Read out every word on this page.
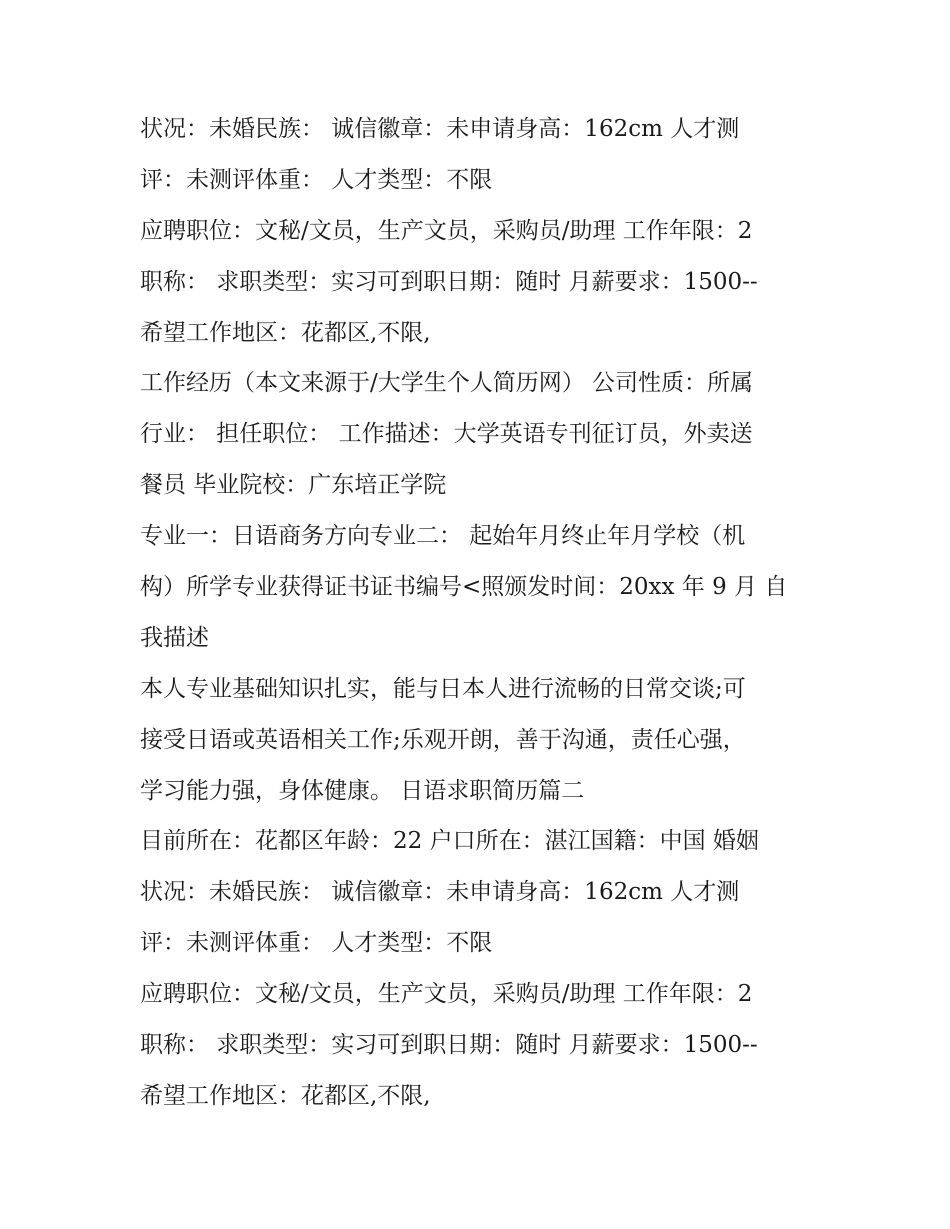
状况：未婚民族： 诚信徽章：未申请身高：162cm 人才测
评：未测评体重： 人才类型：不限
应聘职位：文秘/文员，生产文员，采购员/助理 工作年限：2
职称： 求职类型：实习可到职日期：随时 月薪要求：1500--
希望工作地区：花都区,不限,
工作经历（本文来源于/大学生个人简历网） 公司性质：所属
行业： 担任职位： 工作描述：大学英语专刊征订员，外卖送
餐员 毕业院校：广东培正学院
专业一：日语商务方向专业二： 起始年月终止年月学校（机
构）所学专业获得证书证书编号<照颁发时间：20xx 年 9 月 自
我描述
本人专业基础知识扎实，能与日本人进行流畅的日常交谈;可
接受日语或英语相关工作;乐观开朗，善于沟通，责任心强，
学习能力强，身体健康。 日语求职简历篇二
目前所在：花都区年龄：22 户口所在：湛江国籍：中国 婚姻
状况：未婚民族： 诚信徽章：未申请身高：162cm 人才测
评：未测评体重： 人才类型：不限
应聘职位：文秘/文员，生产文员，采购员/助理 工作年限：2
职称： 求职类型：实习可到职日期：随时 月薪要求：1500--
希望工作地区：花都区,不限,
